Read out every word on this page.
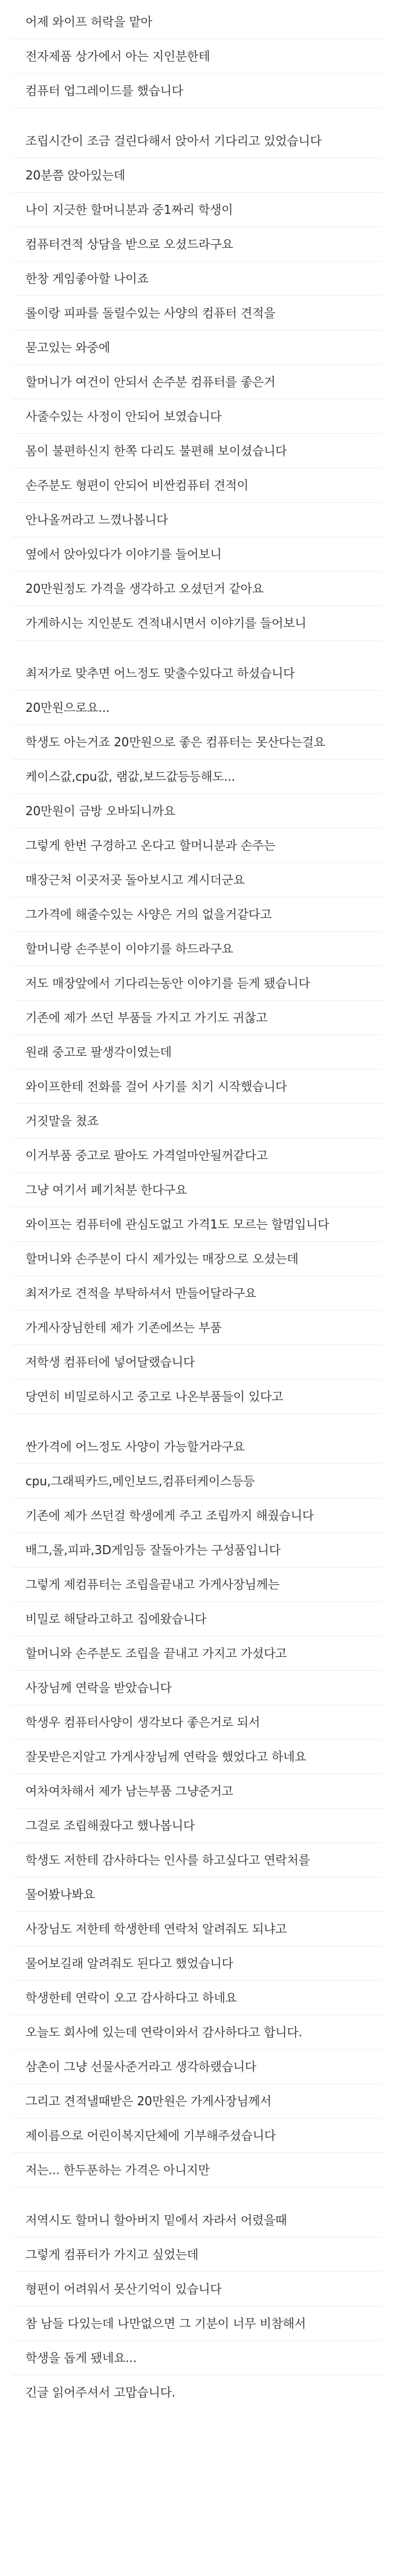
어제 와이프 허락을 맡아

전자제품 상가에서 아는 지인분한테

컴퓨터 업그레이드를 했습니다

조립시간이 조금 걸린다해서 앉아서 기다리고 있었습니다

20분쯤 앉아있는데

나이 지긋한 할머니분과 중1짜리 학생이

컴퓨터견적 상담을 받으로 오셨드라구요

한창 게임좋아할 나이죠

롤이랑 피파를 돌릴수있는 사양의 컴퓨터 견적을

묻고있는 와중에

할머니가 여건이 안되서 손주분 컴퓨터를 좋은거

사줄수있는 사정이 안되어 보였습니다

몸이 불편하신지 한쪽 다리도 불편해 보이셨습니다

손주분도 형편이 안되어 비싼컴퓨터 견적이

안나올꺼라고 느꼈나봅니다

옆에서 앉아있다가 이야기를 들어보니

20만원정도 가격을 생각하고 오셨던거 같아요

가게하시는 지인분도 견적내시면서 이야기를 들어보니

최저가로 맞추면 어느정도 맞출수있다고 하셨습니다

20만원으로요...

학생도 아는거죠 20만원으로 좋은 컴퓨터는 못산다는걸요

케이스값,cpu값, 램값,보드값등등해도...

20만원이 금방 오바되니까요

그렇게 한번 구경하고 온다고 할머니분과 손주는

매장근처 이곳저곳 돌아보시고 계시더군요

그가격에 해줄수있는 사양은 거의 없을거같다고

할머니랑 손주분이 이야기를 하드라구요

저도 매장앞에서 기다리는동안 이야기를 듣게 됐습니다

기존에 제가 쓰던 부품들 가지고 가기도 귀찮고

원래 중고로 팔생각이였는데

와이프한테 전화를 걸어 사기를 치기 시작했습니다

거짓말을 쳤죠

이거부품 중고로 팔아도 가격얼마안될꺼같다고

그냥 여기서 폐기처분 한다구요

와이프는 컴퓨터에 관심도없고 가격1도 모르는 할멈입니다

할머니와 손주분이 다시 제가있는 매장으로 오셨는데

최저가로 견적을 부탁하셔서 만들어달라구요

가게사장님한테 제가 기존에쓰는 부품

저학생 컴퓨터에 넣어달랬습니다

당연히 비밀로하시고 중고로 나온부품들이 있다고

싼가격에 어느정도 사양이 가능할거라구요

cpu,그래픽카드,메인보드,컴퓨터케이스등등

기존에 제가 쓰던걸 학생에게 주고 조립까지 해줬습니다

배그,롤,피파,3D게임등 잘돌아가는 구성품입니다

그렇게 제컴퓨터는 조립을끝내고 가게사장님께는

비밀로 해달라고하고 집에왔습니다

할머니와 손주분도 조립을 끝내고 가지고 가셨다고

사장님께 연락을 받았습니다

학생우 컴퓨터사양이 생각보다 좋은거로 되서

잘못받은지알고 가게사장님께 연락을 했었다고 하네요

여차여차해서 제가 남는부품 그냥준거고

그걸로 조립해줬다고 했나봅니다

학생도 저한테 감사하다는 인사를 하고싶다고 연락처를

물어봤나봐요

사장님도 저한테 학생한테 연락처 알려줘도 되냐고

물어보길래 알려줘도 된다고 했었습니다

학생한테 연락이 오고 감사하다고 하네요

오늘도 회사에 있는데 연락이와서 감사하다고 합니다.

삼촌이 그냥 선물사준거라고 생각하랬습니다

그리고 견적낼때받은 20만원은 가게사장님께서

제이름으로 어린이복지단체에 기부해주셨습니다

저는... 한두푼하는 가격은 아니지만

저역시도 할머니 할아버지 밑에서 자라서 어렸을때

그렇게 컴퓨터가 가지고 싶었는데

형편이 어려워서 못산기억이 있습니다

참 남들 다있는데 나만없으면 그 기분이 너무 비참해서

학생을 돕게 됐네요...

긴글 읽어주셔서 고맙습니다.
